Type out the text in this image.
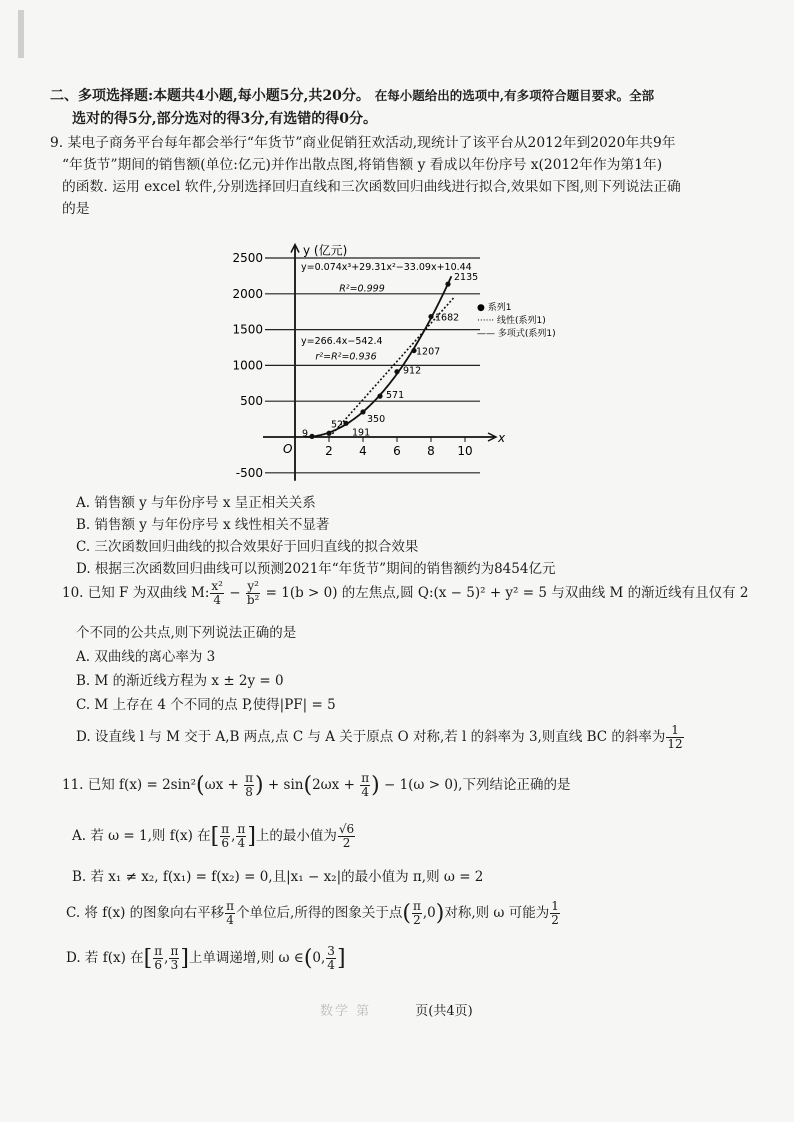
二、多项选择题:本题共4小题,每小题5分,共20分。 在每小题给出的选项中,有多项符合题目要求。全部
选对的得5分,部分选对的得3分,有选错的得0分。
9. 某电子商务平台每年都会举行“年货节”商业促销狂欢活动,现统计了该平台从2012年到2020年共9年
“年货节”期间的销售额(单位:亿元)并作出散点图,将销售额 y 看成以年份序号 x(2012年作为第1年)
的函数. 运用 excel 软件,分别选择回归直线和三次函数回归曲线进行拟合,效果如下图,则下列说法正确
的是
2500
2000
1500
1000
500
-500
y (亿元)
x
O	2 4 6 8 10
9
52
191
350
571
912
1207
1682
2135
y=0.074x³+29.31x²−33.09x+10.44
R²=0.999
y=266.4x−542.4
r²=R²=0.936
● 系列1
······ 线性(系列1)
—— 多项式(系列1)
A. 销售额 y 与年份序号 x 呈正相关关系
B. 销售额 y 与年份序号 x 线性相关不显著
C. 三次函数回归曲线的拟合效果好于回归直线的拟合效果
D. 根据三次函数回归曲线可以预测2021年“年货节”期间的销售额约为8454亿元
10. 已知 F 为双曲线 M: $\frac{\text{x²}}{4} - \frac{\text{y²}}{\text{b²}} = 1(b > 0)$ 的左焦点,圆 Q:(x − 5)² + y² = 5 与双曲线 M 的渐近线有且仅有 2
个不同的公共点,则下列说法正确的是
A. 双曲线的离心率为 3
B. M 的渐近线方程为 x ± 2y = 0
C. M 上存在 4 个不同的点 P,使得|PF| = 5
D. 设直线 l 与 M 交于 A,B 两点,点 C 与 A 关于原点 O 对称,若 l 的斜率为 3,则直线 BC 的斜率为 $\frac{1}{12}$
11. 已知 $f(x) = 2\sin^2(\omega x + \frac{\pi}{8}$ ) + $\sin(2\omega x + \frac{\pi}{4}$ ) − 1(ω > 0),下列结论正确的是
A. 若 ω = 1,则 f(x) 在[ $\frac{\pi}{6}$ , $\frac{\pi}{4}$ ]上的最小值为 $\frac{√6}{2}$
B. 若 x₁ ≠ x₂, f(x₁) = f(x₂) = 0,且|x₁ − x₂|的最小值为 π,则 ω = 2
C. 将 f(x) 的图象向右平移 $\frac{\pi}{4}$ 个单位后,所得的图象关于点( $\frac{\pi}{2} ,0$)对称,则 ω 可能为 $\frac{1}{2}$
D. 若 f(x) 在[ $\frac{\pi}{6}$ , $\frac{\pi}{3}$ ]上单调递增,则 ω ∈(0, $\frac{3}{4}$ ]
数学 第	页(共4页)
